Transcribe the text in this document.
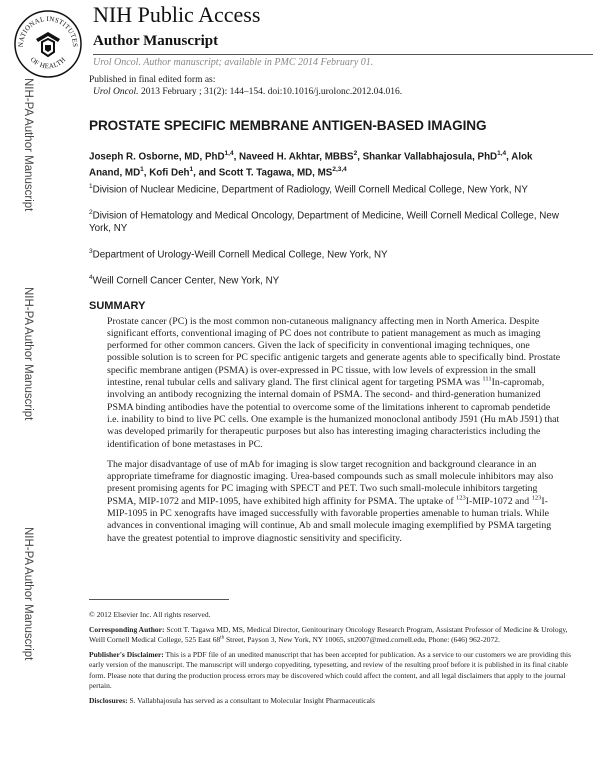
NATIONAL INSTITUTES
OF HEALTH
NIH Public Access
Author Manuscript
Urol Oncol. Author manuscript; available in PMC 2014 February 01.
Published in final edited form as:
Urol Oncol. 2013 February ; 31(2): 144–154. doi:10.1016/j.urolonc.2012.04.016.
NIH-PA Author Manuscript
NIH-PA Author Manuscript
NIH-PA Author Manuscript
PROSTATE SPECIFIC MEMBRANE ANTIGEN-BASED IMAGING

Joseph R. Osborne, MD, PhD$^{1,4}$, Naveed H. Akhtar, MBBS$^2$, Shankar Vallabhajosula, PhD$^{1,4}$, Alok Anand, $MD^1$, Kofi Deh$^1$, and Scott T. Tagawa, MD, MS$^{2,3,4}$

$^1$Division of Nuclear Medicine, Department of Radiology, Weill Cornell Medical College, New York, NY

$^2$Division of Hematology and Medical Oncology, Department of Medicine, Weill Cornell Medical College, New York, NY

$^3$Department of Urology-Weill Cornell Medical College, New York, NY

$^4$Weill Cornell Cancer Center, New York, NY

SUMMARY

Prostate cancer (PC) is the most common non-cutaneous malignancy affecting men in North America. Despite significant efforts, conventional imaging of PC does not contribute to patient management as much as imaging performed for other common cancers. Given the lack of specificity in conventional imaging techniques, one possible solution is to screen for PC specific antigenic targets and generate agents able to specifically bind. Prostate specific membrane antigen (PSMA) is over-expressed in PC tissue, with low levels of expression in the small intestine, renal tubular cells and salivary gland. The first clinical agent for targeting PSMA was $^{111}$In-capromab, involving an antibody recognizing the internal domain of PSMA. The second- and third-generation humanized PSMA binding antibodies have the potential to overcome some of the limitations inherent to capromab pendetide i.e. inability to bind to live PC cells. One example is the humanized monoclonal antibody J591 (Hu mAb J591) that was developed primarily for therapeutic purposes but also has interesting imaging characteristics including the identification of bone metastases in PC.

The major disadvantage of use of mAb for imaging is slow target recognition and background clearance in an appropriate timeframe for diagnostic imaging. Urea-based compounds such as small molecule inhibitors may also present promising agents for PC imaging with SPECT and PET. Two such small-molecule inhibitors targeting PSMA, MIP-1072 and MIP-1095, have exhibited high affinity for PSMA. The uptake of $^{123}$I-MIP-1072 and $^{123}$I-MIP-1095 in PC xenografts have imaged successfully with favorable properties amenable to human trials. While advances in conventional imaging will continue, Ab and small molecule imaging exemplified by PSMA targeting have the greatest potential to improve diagnostic sensitivity and specificity.

© 2012 Elsevier Inc. All rights reserved.

Corresponding Author: Scott T. Tagawa MD, MS, Medical Director, Genitourinary Oncology Research Program, Assistant Professor of Medicine & Urology, Weill Cornell Medical College, 525 East 68th Street, Payson 3, New York, NY 10065, stt2007@med.cornell.edu, Phone: (646) 962-2072.

Publisher's Disclaimer: This is a PDF file of an unedited manuscript that has been accepted for publication. As a service to our customers we are providing this early version of the manuscript. The manuscript will undergo copyediting, typesetting, and review of the resulting proof before it is published in its final citable form. Please note that during the production process errors may be discovered which could affect the content, and all legal disclaimers that apply to the journal pertain.

Disclosures: S. Vallabhajosula has served as a consultant to Molecular Insight Pharmaceuticals
